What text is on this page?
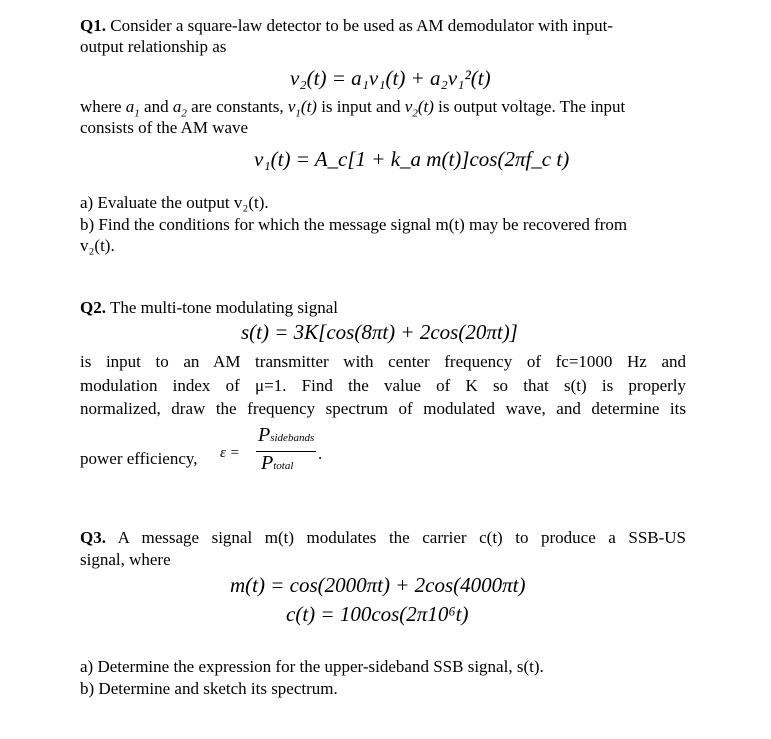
Q1. Consider a square-law detector to be used as AM demodulator with input-
output relationship as
v₂(t) = a₁v₁(t) + a₂v₁²(t)
where $a_1$ and $a_2$ are constants, $v_1(t)$ is input and $v_2(t)$ is output voltage. The input
consists of the AM wave
v₁(t) = A_c[1 + k_a m(t)]cos(2πf_c t)
a) Evaluate the output v₂(t).
b) Find the conditions for which the message signal m(t) may be recovered from
v₂(t).
Q2. The multi-tone modulating signal
s(t) = 3K[cos(8πt) + 2cos(20πt)]
is input to an AM transmitter with center frequency of fc=1000 Hz and
modulation index of μ=1. Find the value of K so that s(t) is properly
normalized, draw the frequency spectrum of modulated wave, and determine its
power efficiency, ε =
Psidebands
Ptotal
.
Q3. A message signal m(t) modulates the carrier c(t) to produce a SSB-US
signal, where
m(t) = cos(2000πt) + 2cos(4000πt)
c(t) = 100cos(2π10⁶t)
a) Determine the expression for the upper-sideband SSB signal, s(t).
b) Determine and sketch its spectrum.
